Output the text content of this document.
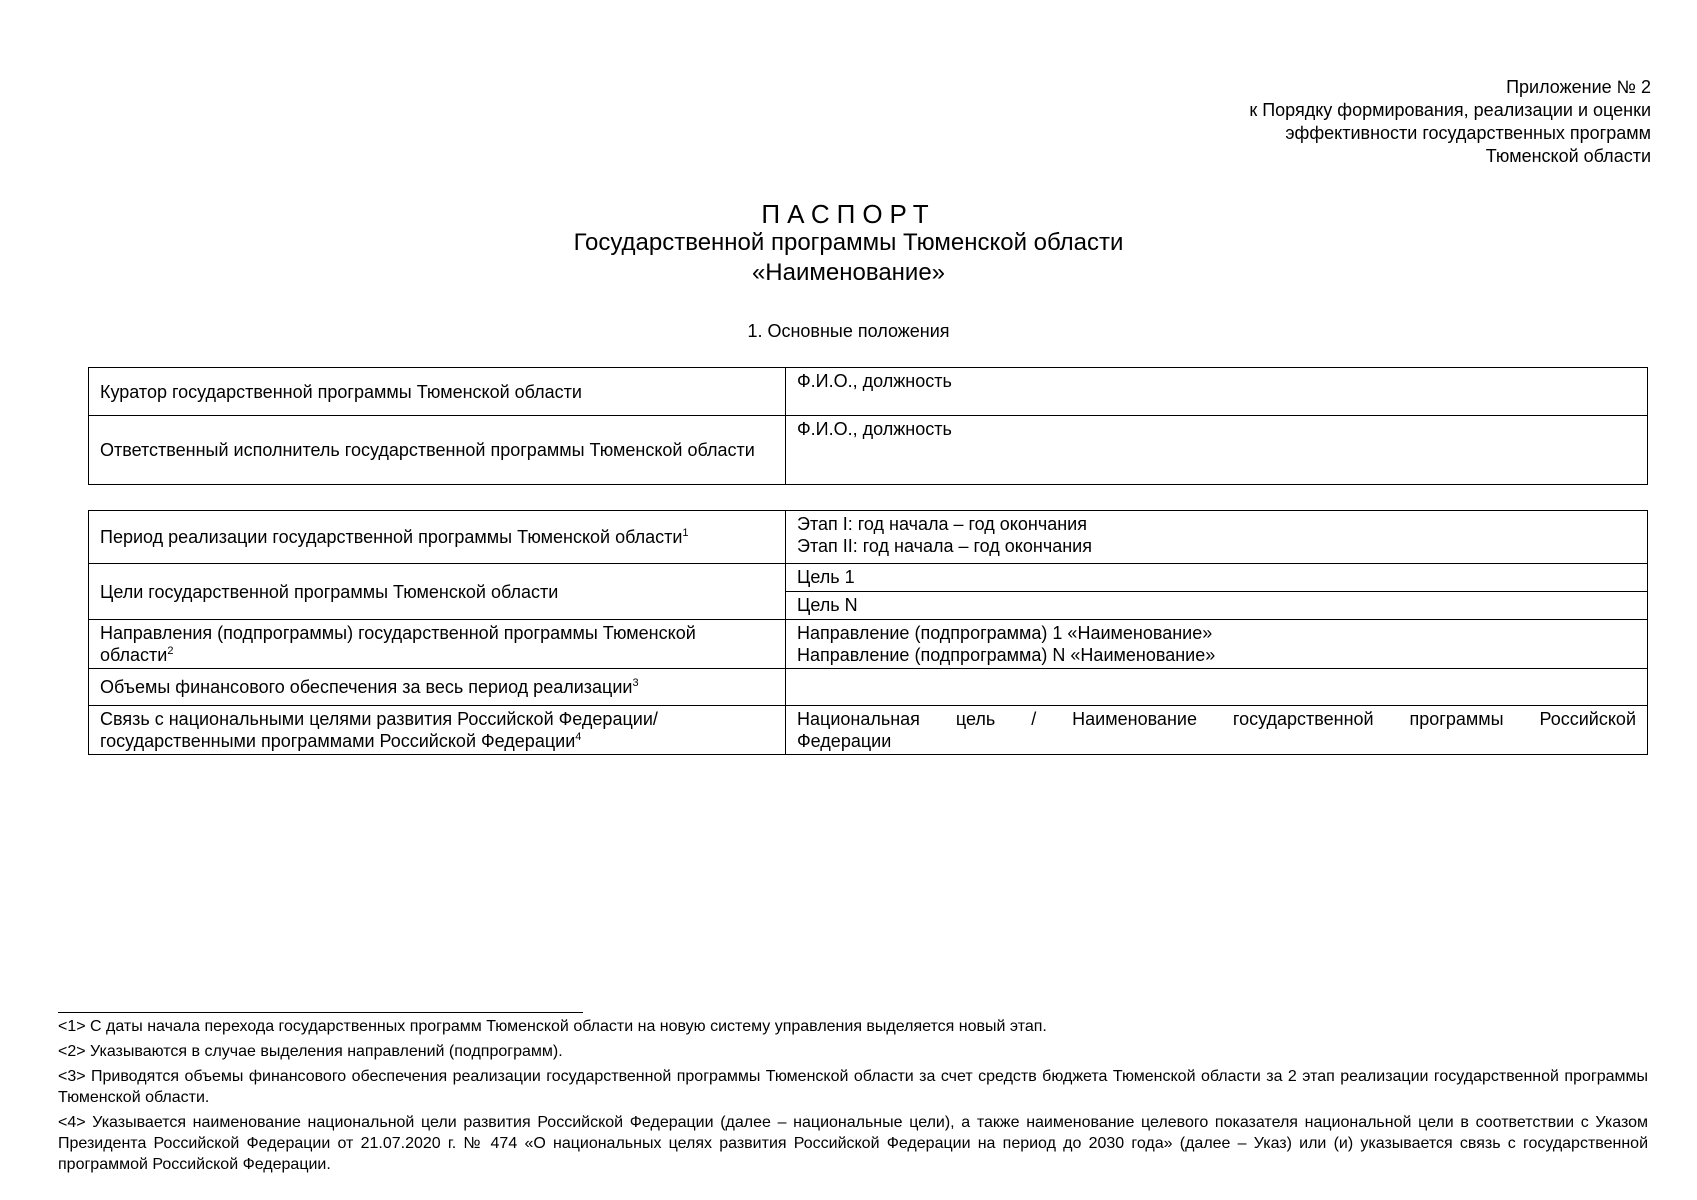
Приложение № 2
к Порядку формирования, реализации и оценки
эффективности государственных программ
Тюменской области
ПАСПОРТ
Государственной программы Тюменской области
«Наименование»
1. Основные положения
Куратор государственной программы Тюменской области	Ф.И.О., должность
Ответственный исполнитель государственной программы Тюменской области	Ф.И.О., должность
Период реализации государственной программы Тюменской области$^1$	Этап I: год начала – год окончания
Этап II: год начала – год окончания

Цели государственной программы Тюменской области	Цель 1
	Цель N
Направления (подпрограммы) государственной программы Тюменской области$^2$	Направление (подпрограмма) 1 «Наименование»
Направление (подпрограмма) N «Наименование»

Объемы финансового обеспечения за весь период реализации$^3$	
Связь с национальными целями развития Российской Федерации/ государственными программами Российской Федерации$^4$	Национальная цель / Наименование государственной программы Российской
Федерации

<1> С даты начала перехода государственных программ Тюменской области на новую систему управления выделяется новый этап.

<2> Указываются в случае выделения направлений (подпрограмм).

<3> Приводятся объемы финансового обеспечения реализации государственной программы Тюменской области за счет средств бюджета Тюменской области за 2 этап реализации государственной программы Тюменской области.

<4> Указывается наименование национальной цели развития Российской Федерации (далее – национальные цели), а также наименование целевого показателя национальной цели в соответствии с Указом Президента Российской Федерации от 21.07.2020 г. № 474 «О национальных целях развития Российской Федерации на период до 2030 года» (далее – Указ) или (и) указывается связь с государственной программой Российской Федерации.
